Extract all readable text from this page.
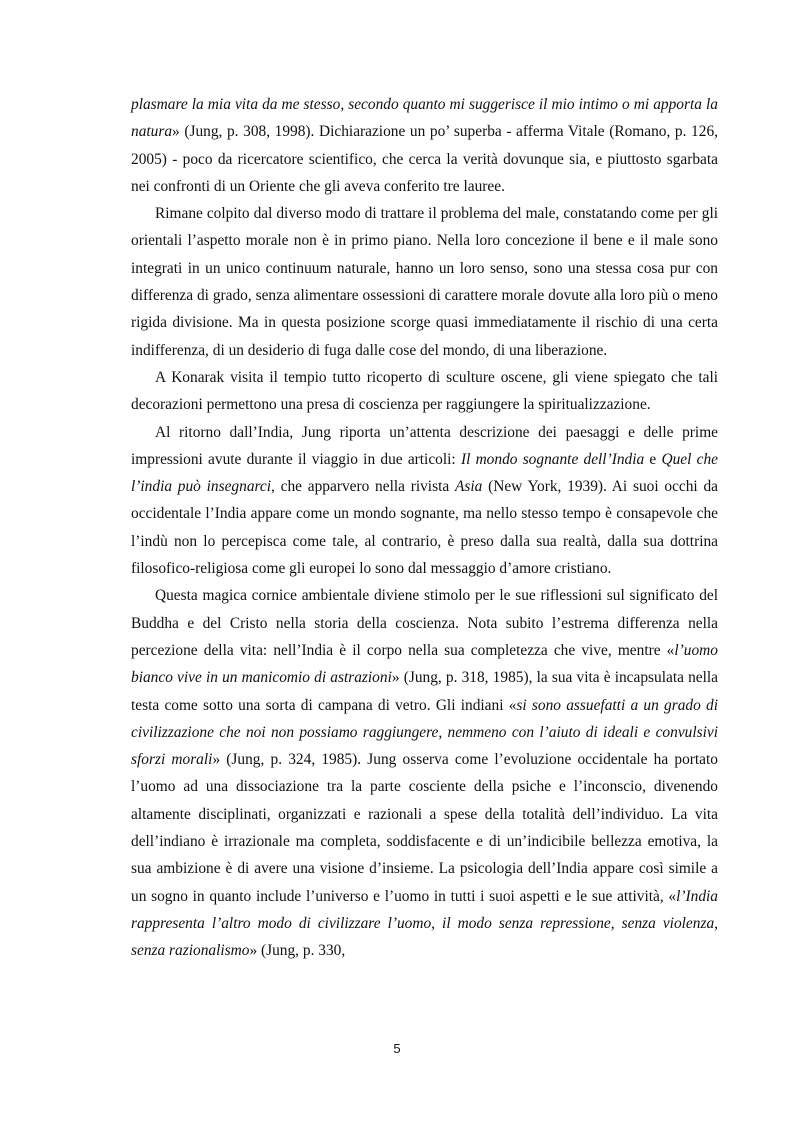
plasmare la mia vita da me stesso, secondo quanto mi suggerisce il mio intimo o mi apporta la natura» (Jung, p. 308, 1998). Dichiarazione un po’ superba - afferma Vitale (Romano, p. 126, 2005) - poco da ricercatore scientifico, che cerca la verità dovunque sia, e piuttosto sgarbata nei confronti di un Oriente che gli aveva conferito tre lauree.

Rimane colpito dal diverso modo di trattare il problema del male, constatando come per gli orientali l’aspetto morale non è in primo piano. Nella loro concezione il bene e il male sono integrati in un unico continuum naturale, hanno un loro senso, sono una stessa cosa pur con differenza di grado, senza alimentare ossessioni di carattere morale dovute alla loro più o meno rigida divisione. Ma in questa posizione scorge quasi immediatamente il rischio di una certa indifferenza, di un desiderio di fuga dalle cose del mondo, di una liberazione.

A Konarak visita il tempio tutto ricoperto di sculture oscene, gli viene spiegato che tali decorazioni permettono una presa di coscienza per raggiungere la spiritualizzazione.

Al ritorno dall’India, Jung riporta un’attenta descrizione dei paesaggi e delle prime impressioni avute durante il viaggio in due articoli: Il mondo sognante dell’India e Quel che l’india può insegnarci, che apparvero nella rivista Asia (New York, 1939). Ai suoi occhi da occidentale l’India appare come un mondo sognante, ma nello stesso tempo è consapevole che l’indù non lo percepisca come tale, al contrario, è preso dalla sua realtà, dalla sua dottrina filosofico-religiosa come gli europei lo sono dal messaggio d’amore cristiano.

Questa magica cornice ambientale diviene stimolo per le sue riflessioni sul significato del Buddha e del Cristo nella storia della coscienza. Nota subito l’estrema differenza nella percezione della vita: nell’India è il corpo nella sua completezza che vive, mentre «l’uomo bianco vive in un manicomio di astrazioni» (Jung, p. 318, 1985), la sua vita è incapsulata nella testa come sotto una sorta di campana di vetro. Gli indiani «si sono assuefatti a un grado di civilizzazione che noi non possiamo raggiungere, nemmeno con l’aiuto di ideali e convulsivi sforzi morali» (Jung, p. 324, 1985). Jung osserva come l’evoluzione occidentale ha portato l’uomo ad una dissociazione tra la parte cosciente della psiche e l’inconscio, divenendo altamente disciplinati, organizzati e razionali a spese della totalità dell’individuo. La vita dell’indiano è irrazionale ma completa, soddisfacente e di un’indicibile bellezza emotiva, la sua ambizione è di avere una visione d’insieme. La psicologia dell’India appare così simile a un sogno in quanto include l’universo e l’uomo in tutti i suoi aspetti e le sue attività, «l’India rappresenta l’altro modo di civilizzare l’uomo, il modo senza repressione, senza violenza, senza razionalismo» (Jung, p. 330,

5
